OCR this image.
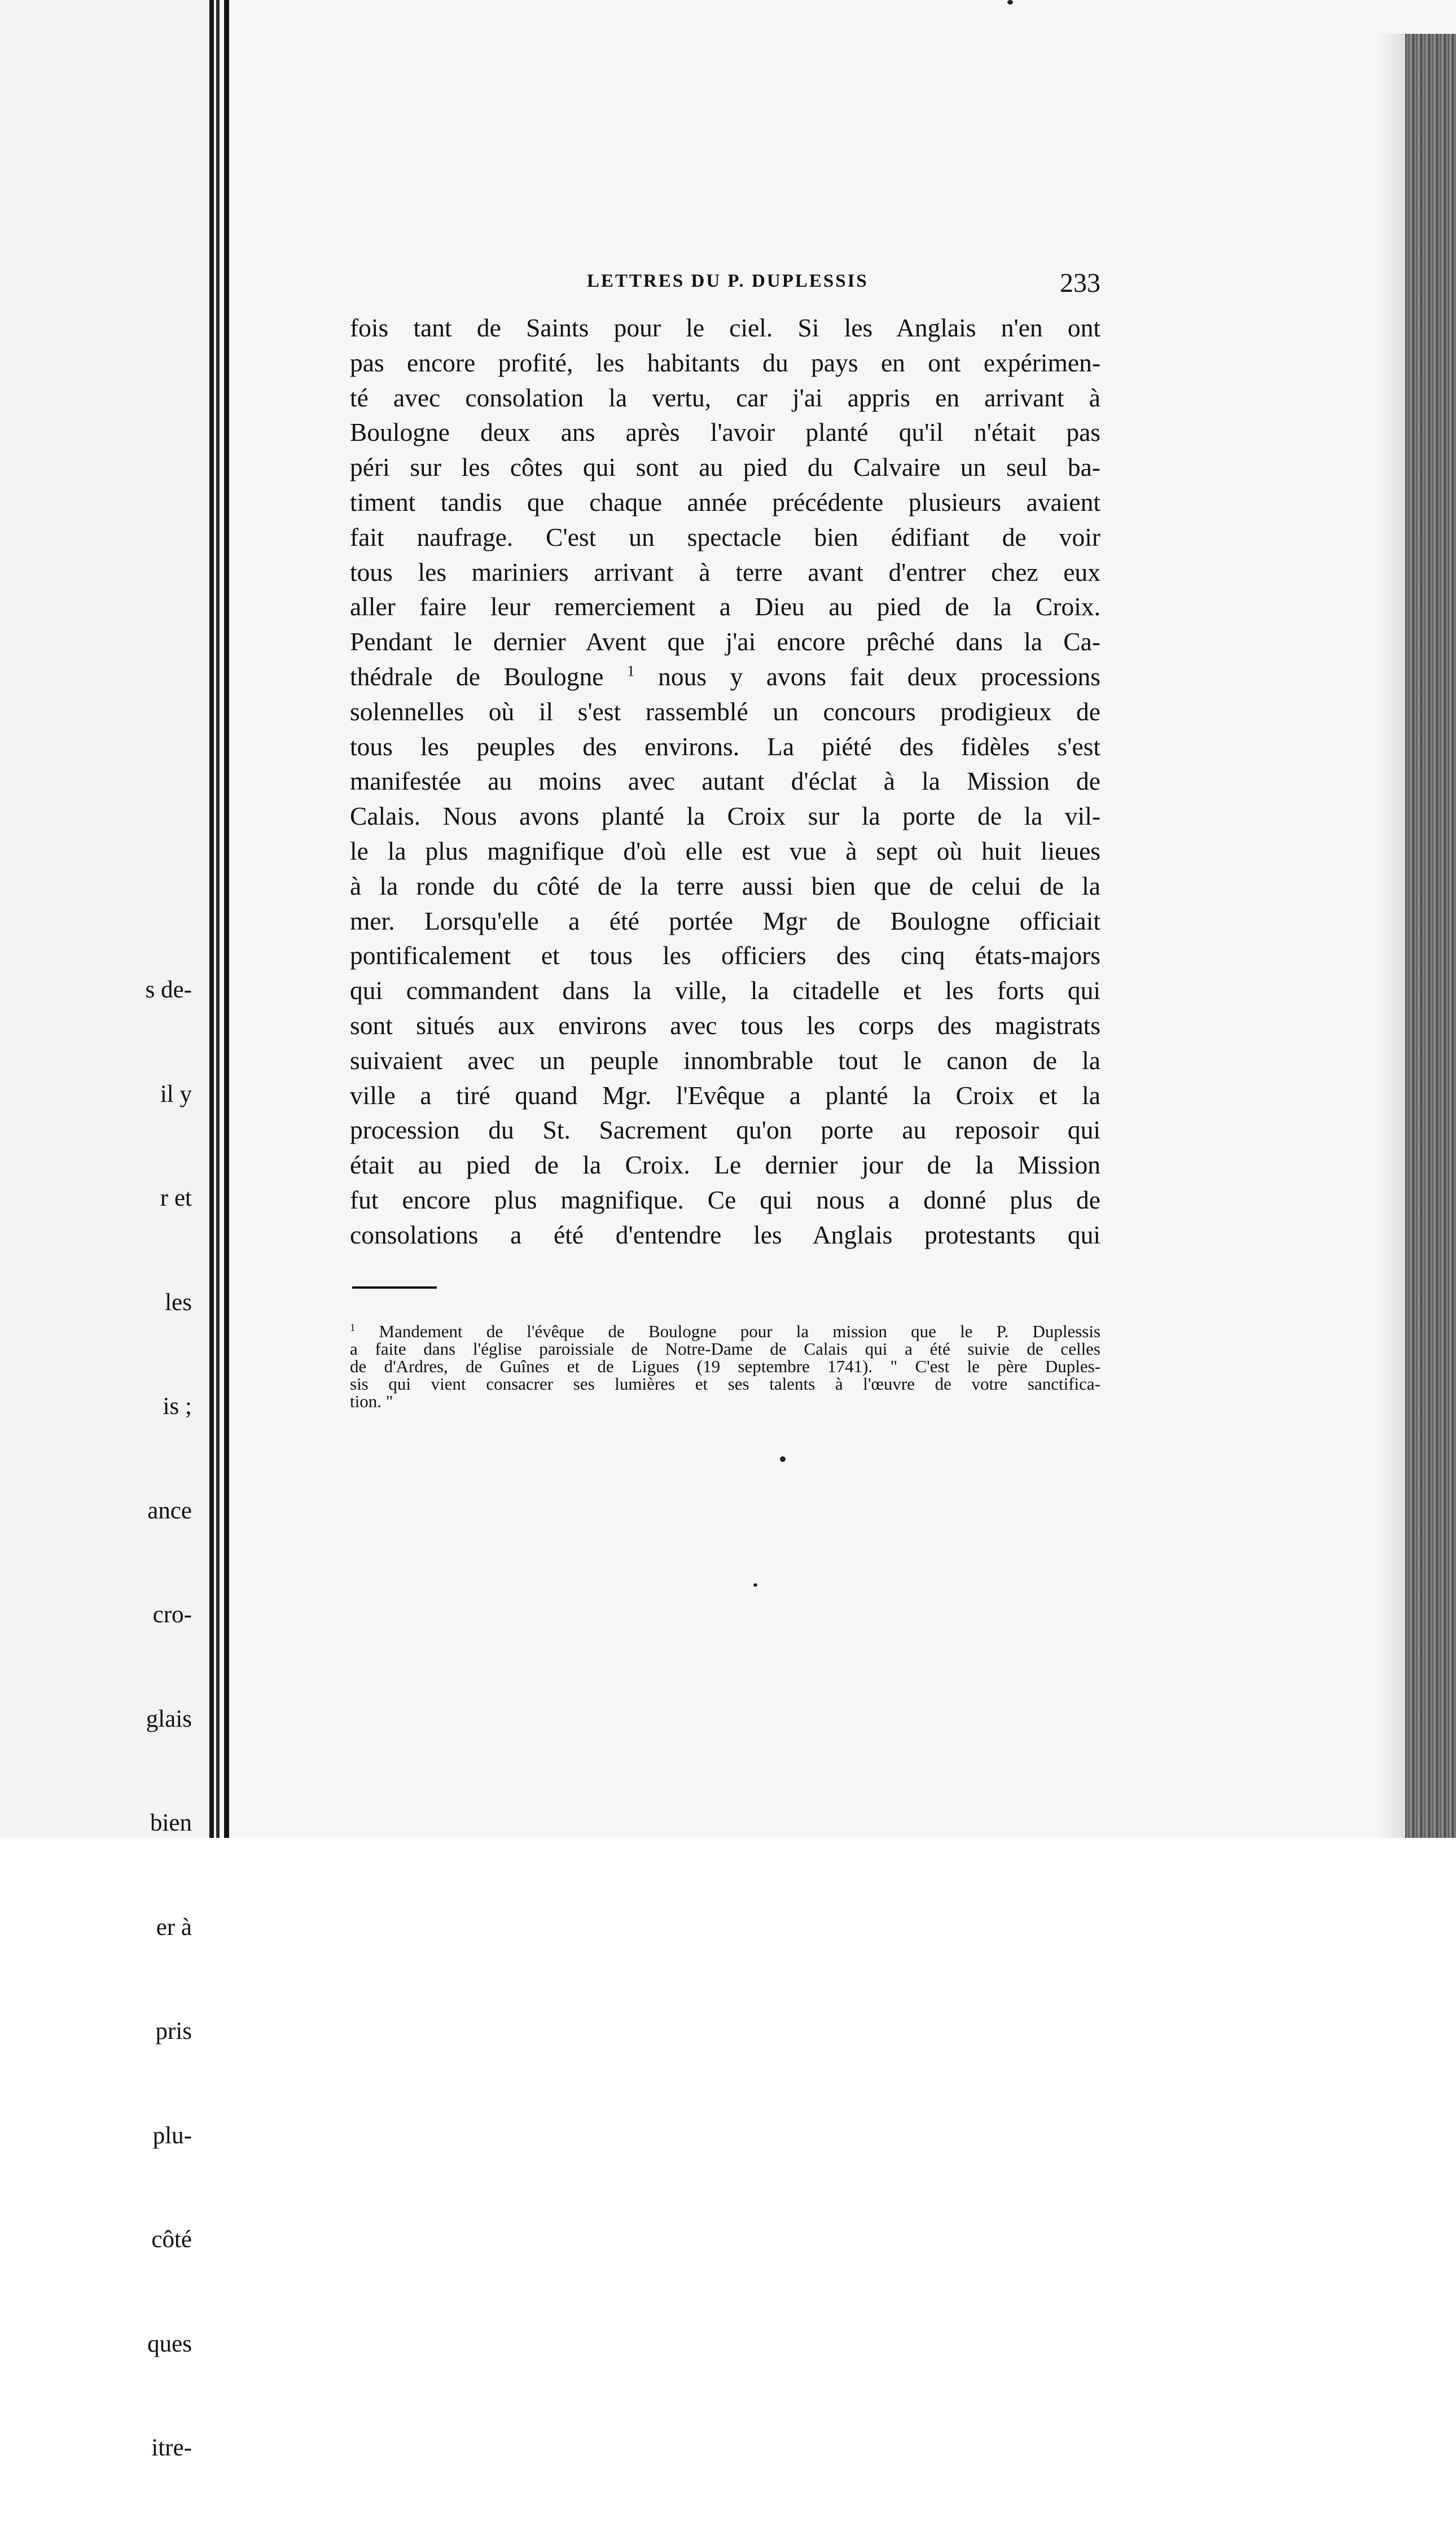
s de-

il y

r et

les

is ;

ance

cro-

glais

bien

er à

pris

plu-

côté

ques

itre-

LETTRES DU P. DUPLESSIS	233
fois tant de Saints pour le ciel. Si les Anglais n'en ont
pas encore profité, les habitants du pays en ont expérimen-
té avec consolation la vertu, car j'ai appris en arrivant à
Boulogne deux ans après l'avoir planté qu'il n'était pas
péri sur les côtes qui sont au pied du Calvaire un seul ba-
timent tandis que chaque année précédente plusieurs avaient
fait naufrage. C'est un spectacle bien édifiant de voir
tous les mariniers arrivant à terre avant d'entrer chez eux
aller faire leur remerciement a Dieu au pied de la Croix.
Pendant le dernier Avent que j'ai encore prêché dans la Ca-
thédrale de Boulogne $^1$ nous y avons fait deux processions
solennelles où il s'est rassemblé un concours prodigieux de
tous les peuples des environs. La piété des fidèles s'est
manifestée au moins avec autant d'éclat à la Mission de
Calais. Nous avons planté la Croix sur la porte de la vil-
le la plus magnifique d'où elle est vue à sept où huit lieues
à la ronde du côté de la terre aussi bien que de celui de la
mer. Lorsqu'elle a été portée Mgr de Boulogne officiait
pontificalement et tous les officiers des cinq états-majors
qui commandent dans la ville, la citadelle et les forts qui
sont situés aux environs avec tous les corps des magistrats
suivaient avec un peuple innombrable tout le canon de la
ville a tiré quand Mgr. l'Evêque a planté la Croix et la
procession du St. Sacrement qu'on porte au reposoir qui
était au pied de la Croix. Le dernier jour de la Mission
fut encore plus magnifique. Ce qui nous a donné plus de
consolations a été d'entendre les Anglais protestants qui
$^1$ Mandement de l'évêque de Boulogne pour la mission que le P. Duplessis
a faite dans l'église paroissiale de Notre-Dame de Calais qui a été suivie de celles
de d'Ardres, de Guînes et de Ligues (19 septembre 1741). " C'est le père Duples-
sis qui vient consacrer ses lumières et ses talents à l'œuvre de votre sanctifica-
tion. "
